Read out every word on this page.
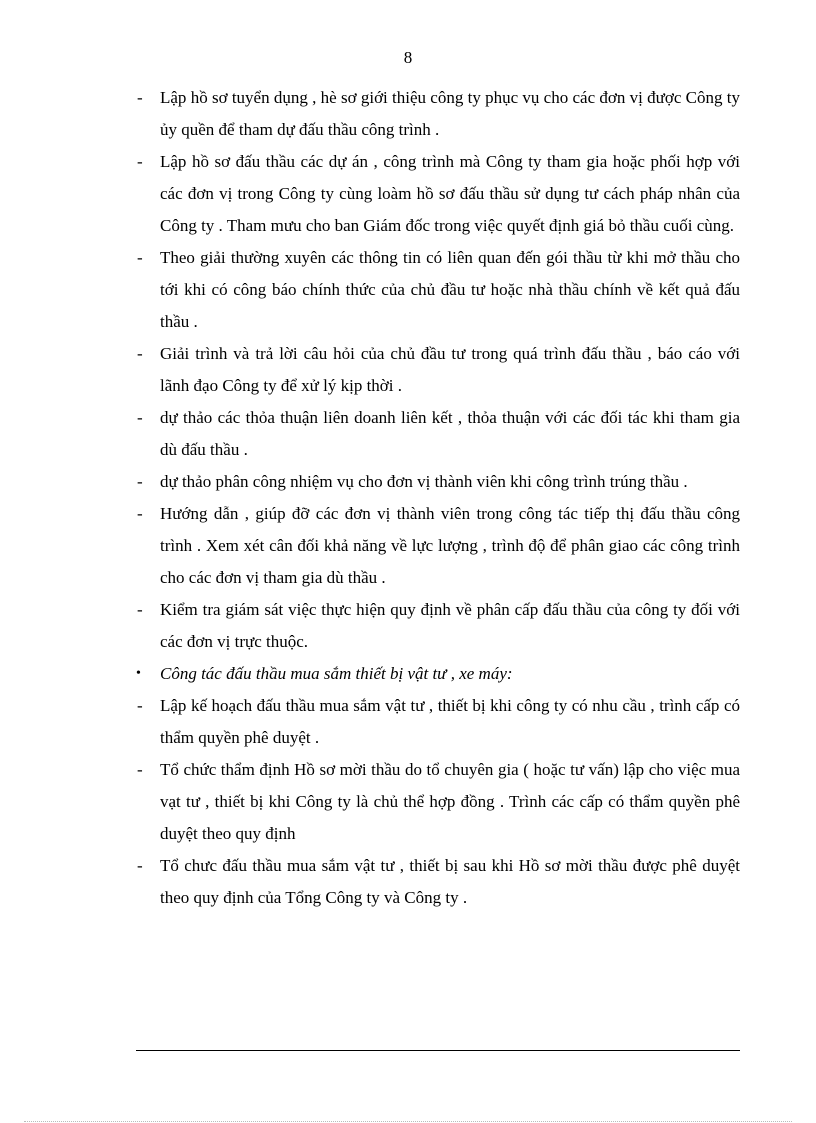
8
- Lập hồ sơ tuyển dụng , hè sơ giới thiệu công ty phục vụ cho các đơn vị được Công ty ủy quền để tham dự đấu thầu công trình .
- Lập hồ sơ đấu thầu các dự án , công trình mà Công ty tham gia hoặc phối hợp với các đơn vị trong Công ty cùng loàm hồ sơ đấu thầu sử dụng tư cách pháp nhân của Công ty . Tham mưu cho ban Giám đốc trong việc quyết định giá bỏ thầu cuối cùng.
- Theo giải thường xuyên các thông tin có liên quan đến gói thầu từ khi mở thầu cho tới khi có công báo chính thức của chủ đầu tư hoặc nhà thầu chính về kết quả đấu thầu .
- Giải trình và trả lời câu hỏi của chủ đầu tư trong quá trình đấu thầu , báo cáo với lãnh đạo Công ty để xử lý kịp thời .
- dự thảo các thỏa thuận liên doanh liên kết , thỏa thuận với các đối tác khi tham gia dù đấu thầu .
- dự thảo phân công nhiệm vụ cho đơn vị thành viên khi công trình trúng thầu .
- Hướng dẫn , giúp đỡ các đơn vị thành viên trong công tác tiếp thị đấu thầu công trình . Xem xét cân đối khả năng về lực lượng , trình độ để phân giao các công trình cho các đơn vị tham gia dù thầu .
- Kiểm tra giám sát việc thực hiện quy định về phân cấp đấu thầu của công ty đối với các đơn vị trực thuộc.
• Công tác đấu thầu mua sắm thiết bị vật tư , xe máy:
- Lập kế hoạch đấu thầu mua sắm vật tư , thiết bị khi công ty có nhu cầu , trình cấp có thẩm quyền phê duyệt .
- Tổ chức thẩm định Hồ sơ mời thầu do tổ chuyên gia ( hoặc tư vấn) lập cho việc mua vạt tư , thiết bị khi Công ty là chủ thể hợp đồng . Trình các cấp có thẩm quyền phê duyệt theo quy định
- Tổ chưc đấu thầu mua sắm vật tư , thiết bị sau khi Hồ sơ mời thầu được phê duyệt theo quy định của Tổng Công ty và Công ty .
